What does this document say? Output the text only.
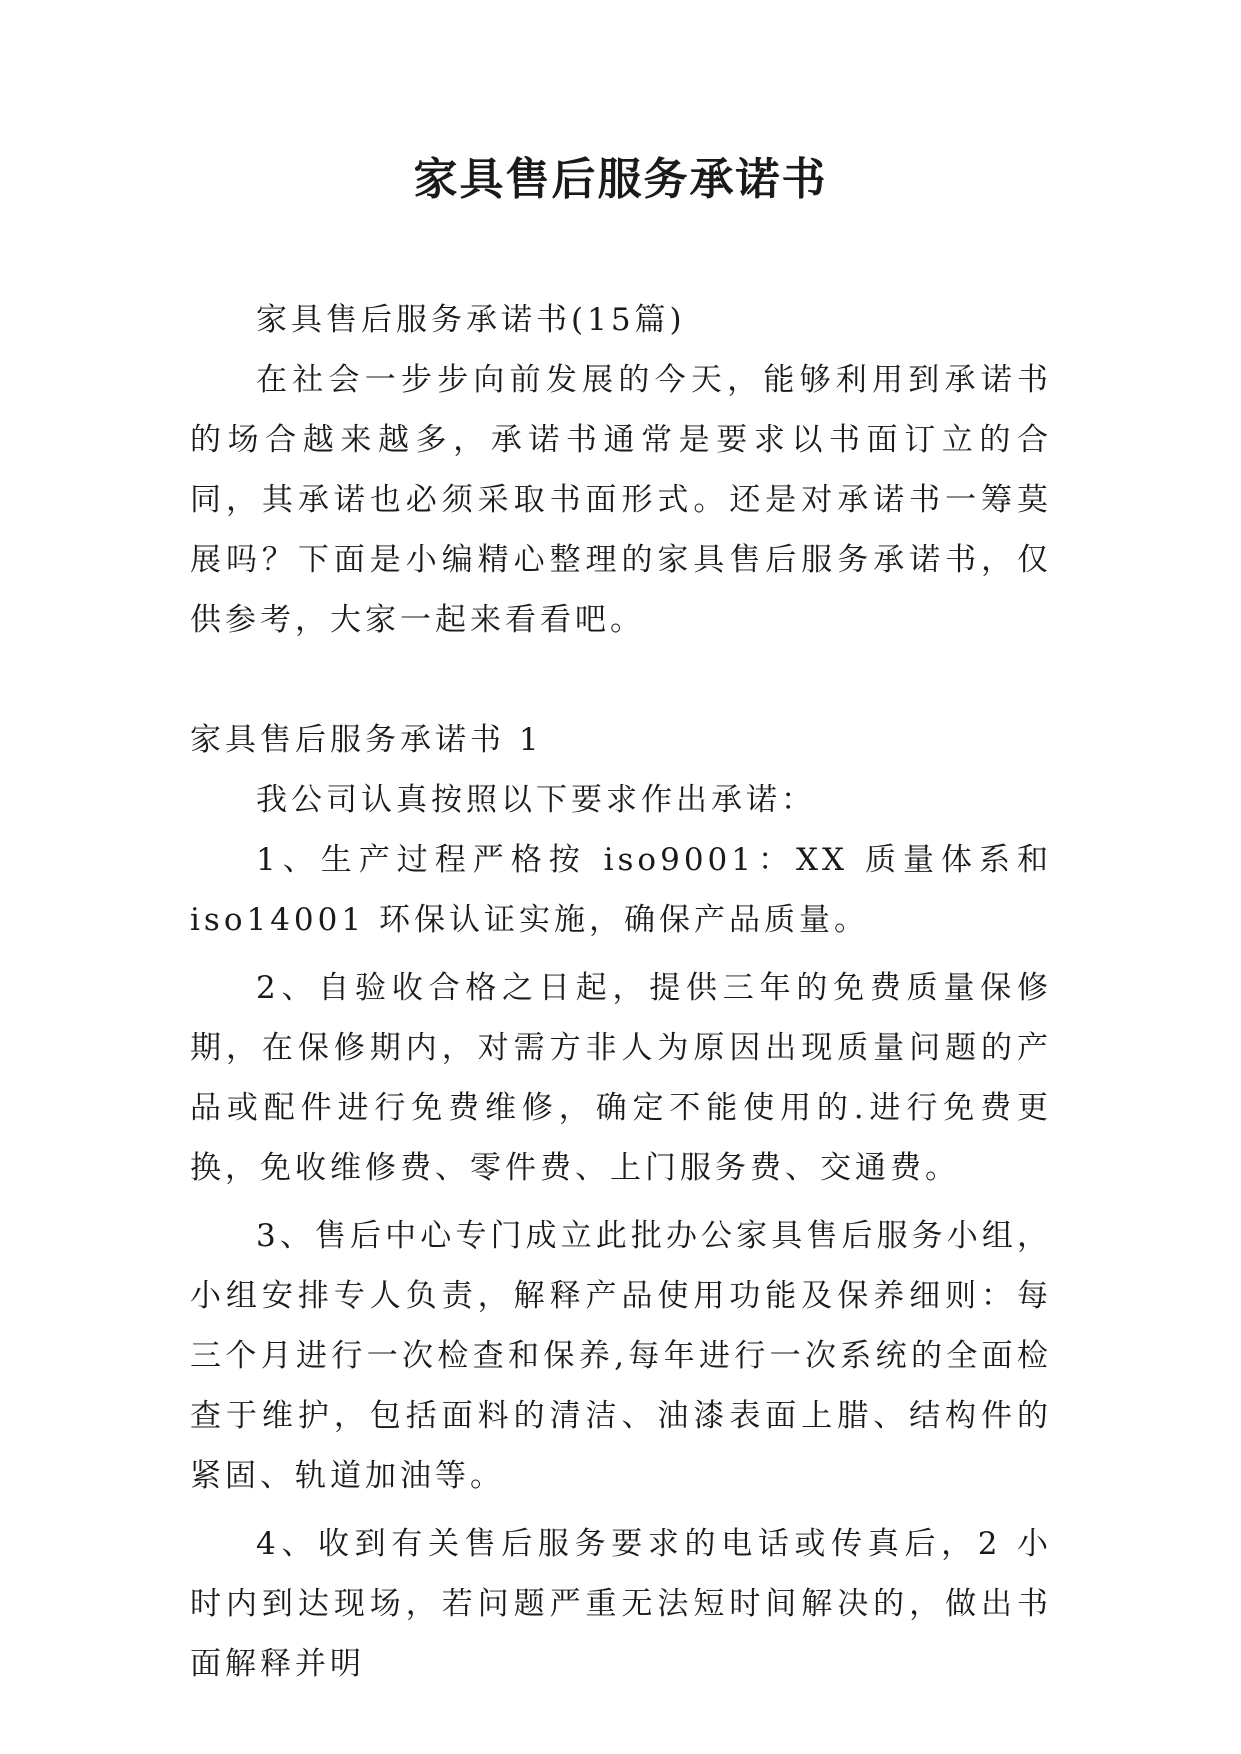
家具售后服务承诺书

家具售后服务承诺书(15篇)

在社会一步步向前发展的今天，能够利用到承诺书的场合越来越多，承诺书通常是要求以书面订立的合同，其承诺也必须采取书面形式。还是对承诺书一筹莫展吗？下面是小编精心整理的家具售后服务承诺书，仅供参考，大家一起来看看吧。

家具售后服务承诺书 1

我公司认真按照以下要求作出承诺：

1、生产过程严格按 iso9001：XX 质量体系和 iso14001 环保认证实施，确保产品质量。

2、自验收合格之日起，提供三年的免费质量保修期，在保修期内，对需方非人为原因出现质量问题的产品或配件进行免费维修，确定不能使用的.进行免费更换，免收维修费、零件费、上门服务费、交通费。

3、售后中心专门成立此批办公家具售后服务小组，小组安排专人负责，解释产品使用功能及保养细则：每三个月进行一次检查和保养,每年进行一次系统的全面检查于维护，包括面料的清洁、油漆表面上腊、结构件的紧固、轨道加油等。

4、收到有关售后服务要求的电话或传真后，2 小时内到达现场，若问题严重无法短时间解决的，做出书面解释并明
